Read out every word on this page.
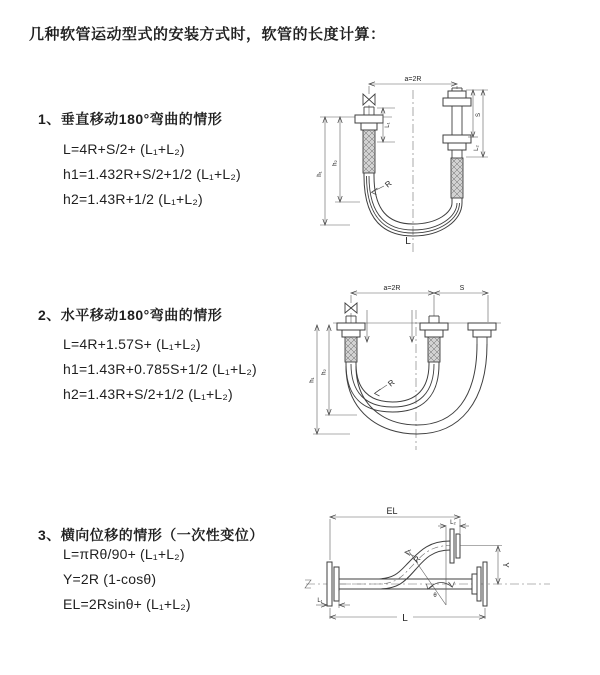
几种软管运动型式的安装方式时，软管的长度计算：
1、垂直移动180°弯曲的情形
L=4R+S/2+ (L₁+L₂)
h1=1.432R+S/2+1/2 (L₁+L₂)
h2=1.43R+1/2 (L₁+L₂)
2、水平移动180°弯曲的情形
L=4R+1.57S+ (L₁+L₂)
h1=1.43R+0.785S+1/2 (L₁+L₂)
h2=1.43R+S/2+1/2 (L₁+L₂)
3、横向位移的情形（一次性变位）
L=πRθ/90+ (L₁+L₂)
Y=2R (1-cosθ)
EL=2Rsinθ+ (L₁+L₂)
a=2R
h₁
h₂
L₁
S
L₂
R
L
a=2R	S
h₁
h₂
R
EL
L₂
θ
R
Y
L
L₁
